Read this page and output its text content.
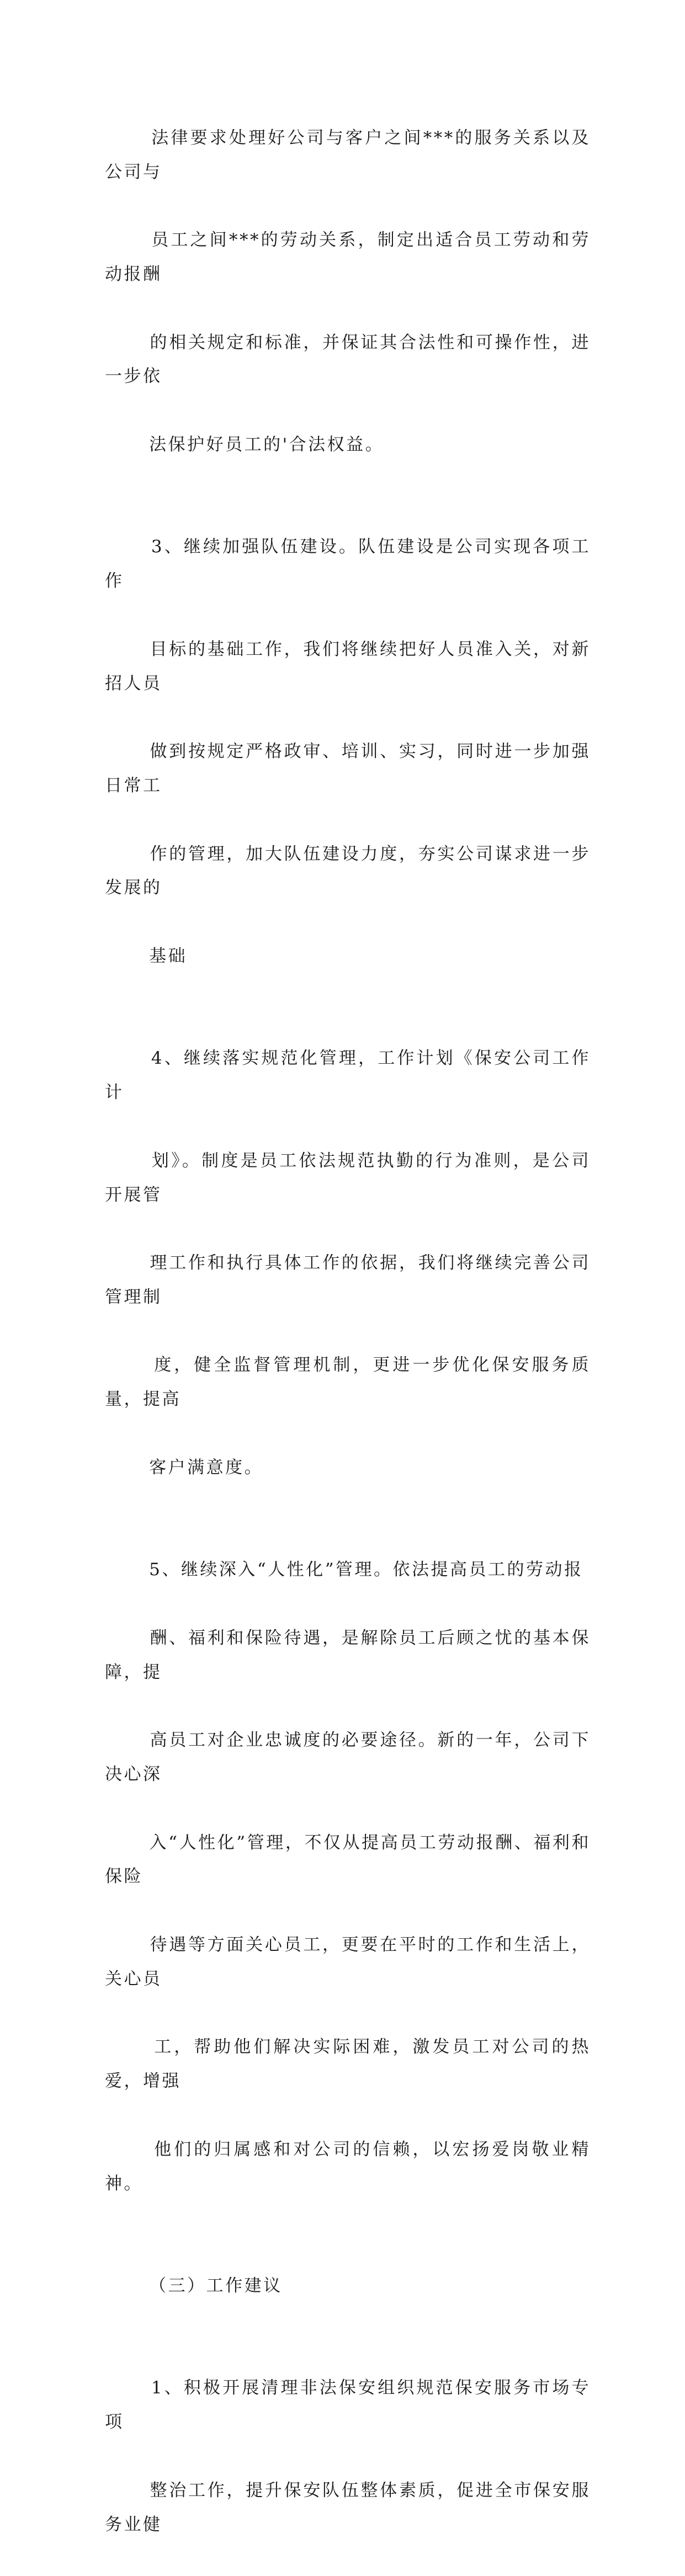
法律要求处理好公司与客户之间***的服务关系以及公司与

员工之间***的劳动关系，制定出适合员工劳动和劳动报酬

的相关规定和标准，并保证其合法性和可操作性，进一步依

法保护好员工的'合法权益。

3、继续加强队伍建设。队伍建设是公司实现各项工作

目标的基础工作，我们将继续把好人员准入关，对新招人员

做到按规定严格政审、培训、实习，同时进一步加强日常工

作的管理，加大队伍建设力度，夯实公司谋求进一步发展的

基础

4、继续落实规范化管理，工作计划《保安公司工作计

划》。制度是员工依法规范执勤的行为准则，是公司开展管

理工作和执行具体工作的依据，我们将继续完善公司管理制

度，健全监督管理机制，更进一步优化保安服务质量，提高

客户满意度。

5、继续深入“人性化”管理。依法提高员工的劳动报

酬、福利和保险待遇，是解除员工后顾之忧的基本保障，提

高员工对企业忠诚度的必要途径。新的一年，公司下决心深

入“人性化”管理，不仅从提高员工劳动报酬、福利和保险

待遇等方面关心员工，更要在平时的工作和生活上，关心员

工，帮助他们解决实际困难，激发员工对公司的热爱，增强

他们的归属感和对公司的信赖，以宏扬爱岗敬业精神。

（三）工作建议

1、积极开展清理非法保安组织规范保安服务市场专项

整治工作，提升保安队伍整体素质，促进全市保安服务业健
